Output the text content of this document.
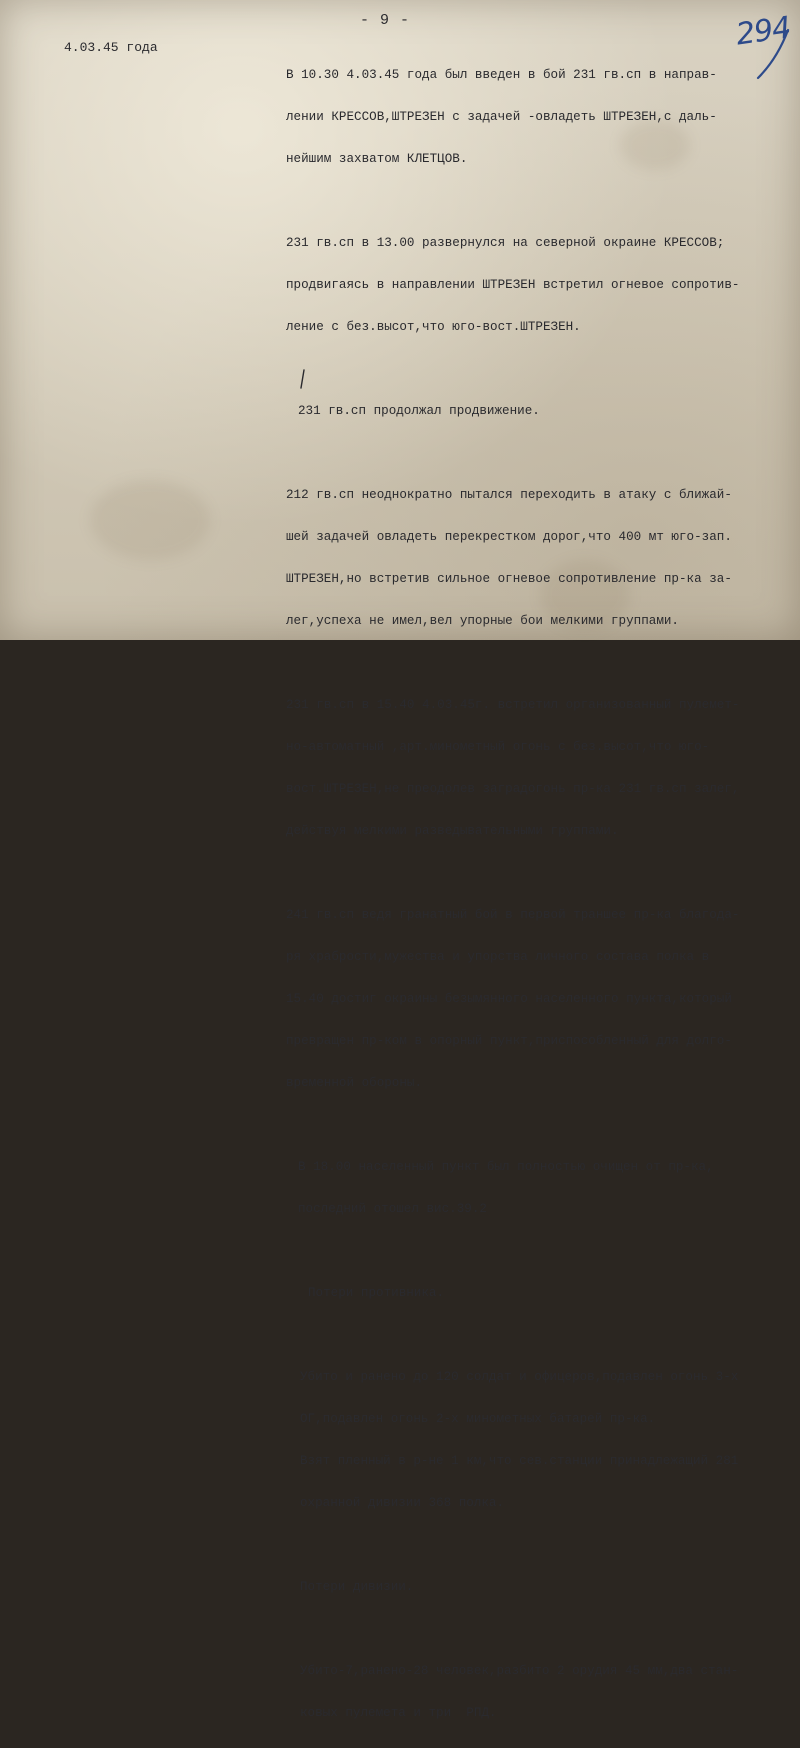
- 9 -	294
4.03.45 года

В 10.30 4.03.45 года был введен в бой 231 гв.сп в направ-

лении КРЕССОВ,ШТРЕЗЕН с задачей -овладеть ШТРЕЗЕН,с даль-

нейшим захватом КЛЕТЦОВ.

231 гв.сп в 13.00 развернулся на северной окраине КРЕССОВ;

продвигаясь в направлении ШТРЕЗЕН встретил огневое сопротив-

ление с без.высот,что юго-вост.ШТРЕЗЕН.

231 гв.сп продолжал продвижение.

212 гв.сп неоднократно пытался переходить в атаку с ближай-

шей задачей овладеть перекрестком дорог,что 400 мт юго-зап.

ШТРЕЗЕН,но встретив сильное огневое сопротивление пр-ка за-

лег,успеха не имел,вел упорные бои мелкими группами.

231 гв.сп в 15.40 4.03.45г. встретил организованный пулемет-

но-автоматный ,арт.минометный огонь с без.высот,что юго-

вост.ШТРЕЗЕН,не преодолев заградогонь пр-ка 231 гв.сп залег,

действуя мелкими разведывательными группами.

241 гв.сп ведя гранатный бой в первой траншее пр-ка благода-

ря храбрости,мужества и упорства личного состава полка в

15.40 достиг окраины безымянного населенного пункта,который

превращен пр-ком в опорный пункт,приспособленный для долго-

временной обороны.

В 18.00 населенный пункт был полностью очищен от пр-ка,

последний отошел вис.39.2

Потери противника.

Убито и ранено до 120 солдат и офицеров,подавлен огонь 3-х

ОГ,подавлен огонь 2-х минометных батарей пр-ка.

Взят пленный в р-не 1 км,что сев.станции принадлежащий 281

охранной дивизии 368 полка.

Потери дивизии.

Убито-7,ранено-28 человек,разбито 2 орудия 45 мм,два стан-

ковых пулемета и три  РПД.
